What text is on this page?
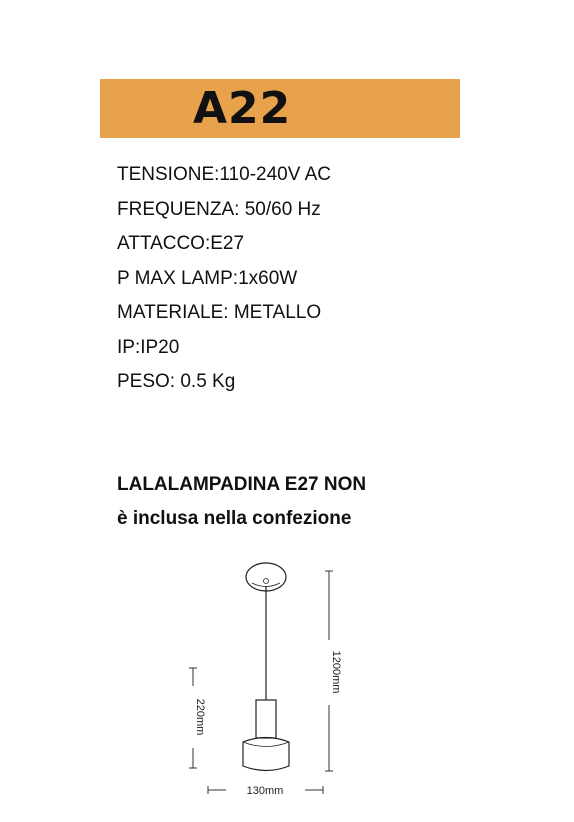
A22
TENSIONE:110-240V AC
FREQUENZA: 50/60 Hz
ATTACCO:E27
P MAX LAMP:1x60W
MATERIALE: METALLO
IP:IP20
PESO: 0.5 Kg
LALALAMPADINA E27 NON
è inclusa nella confezione
1200mm
220mm
130mm
